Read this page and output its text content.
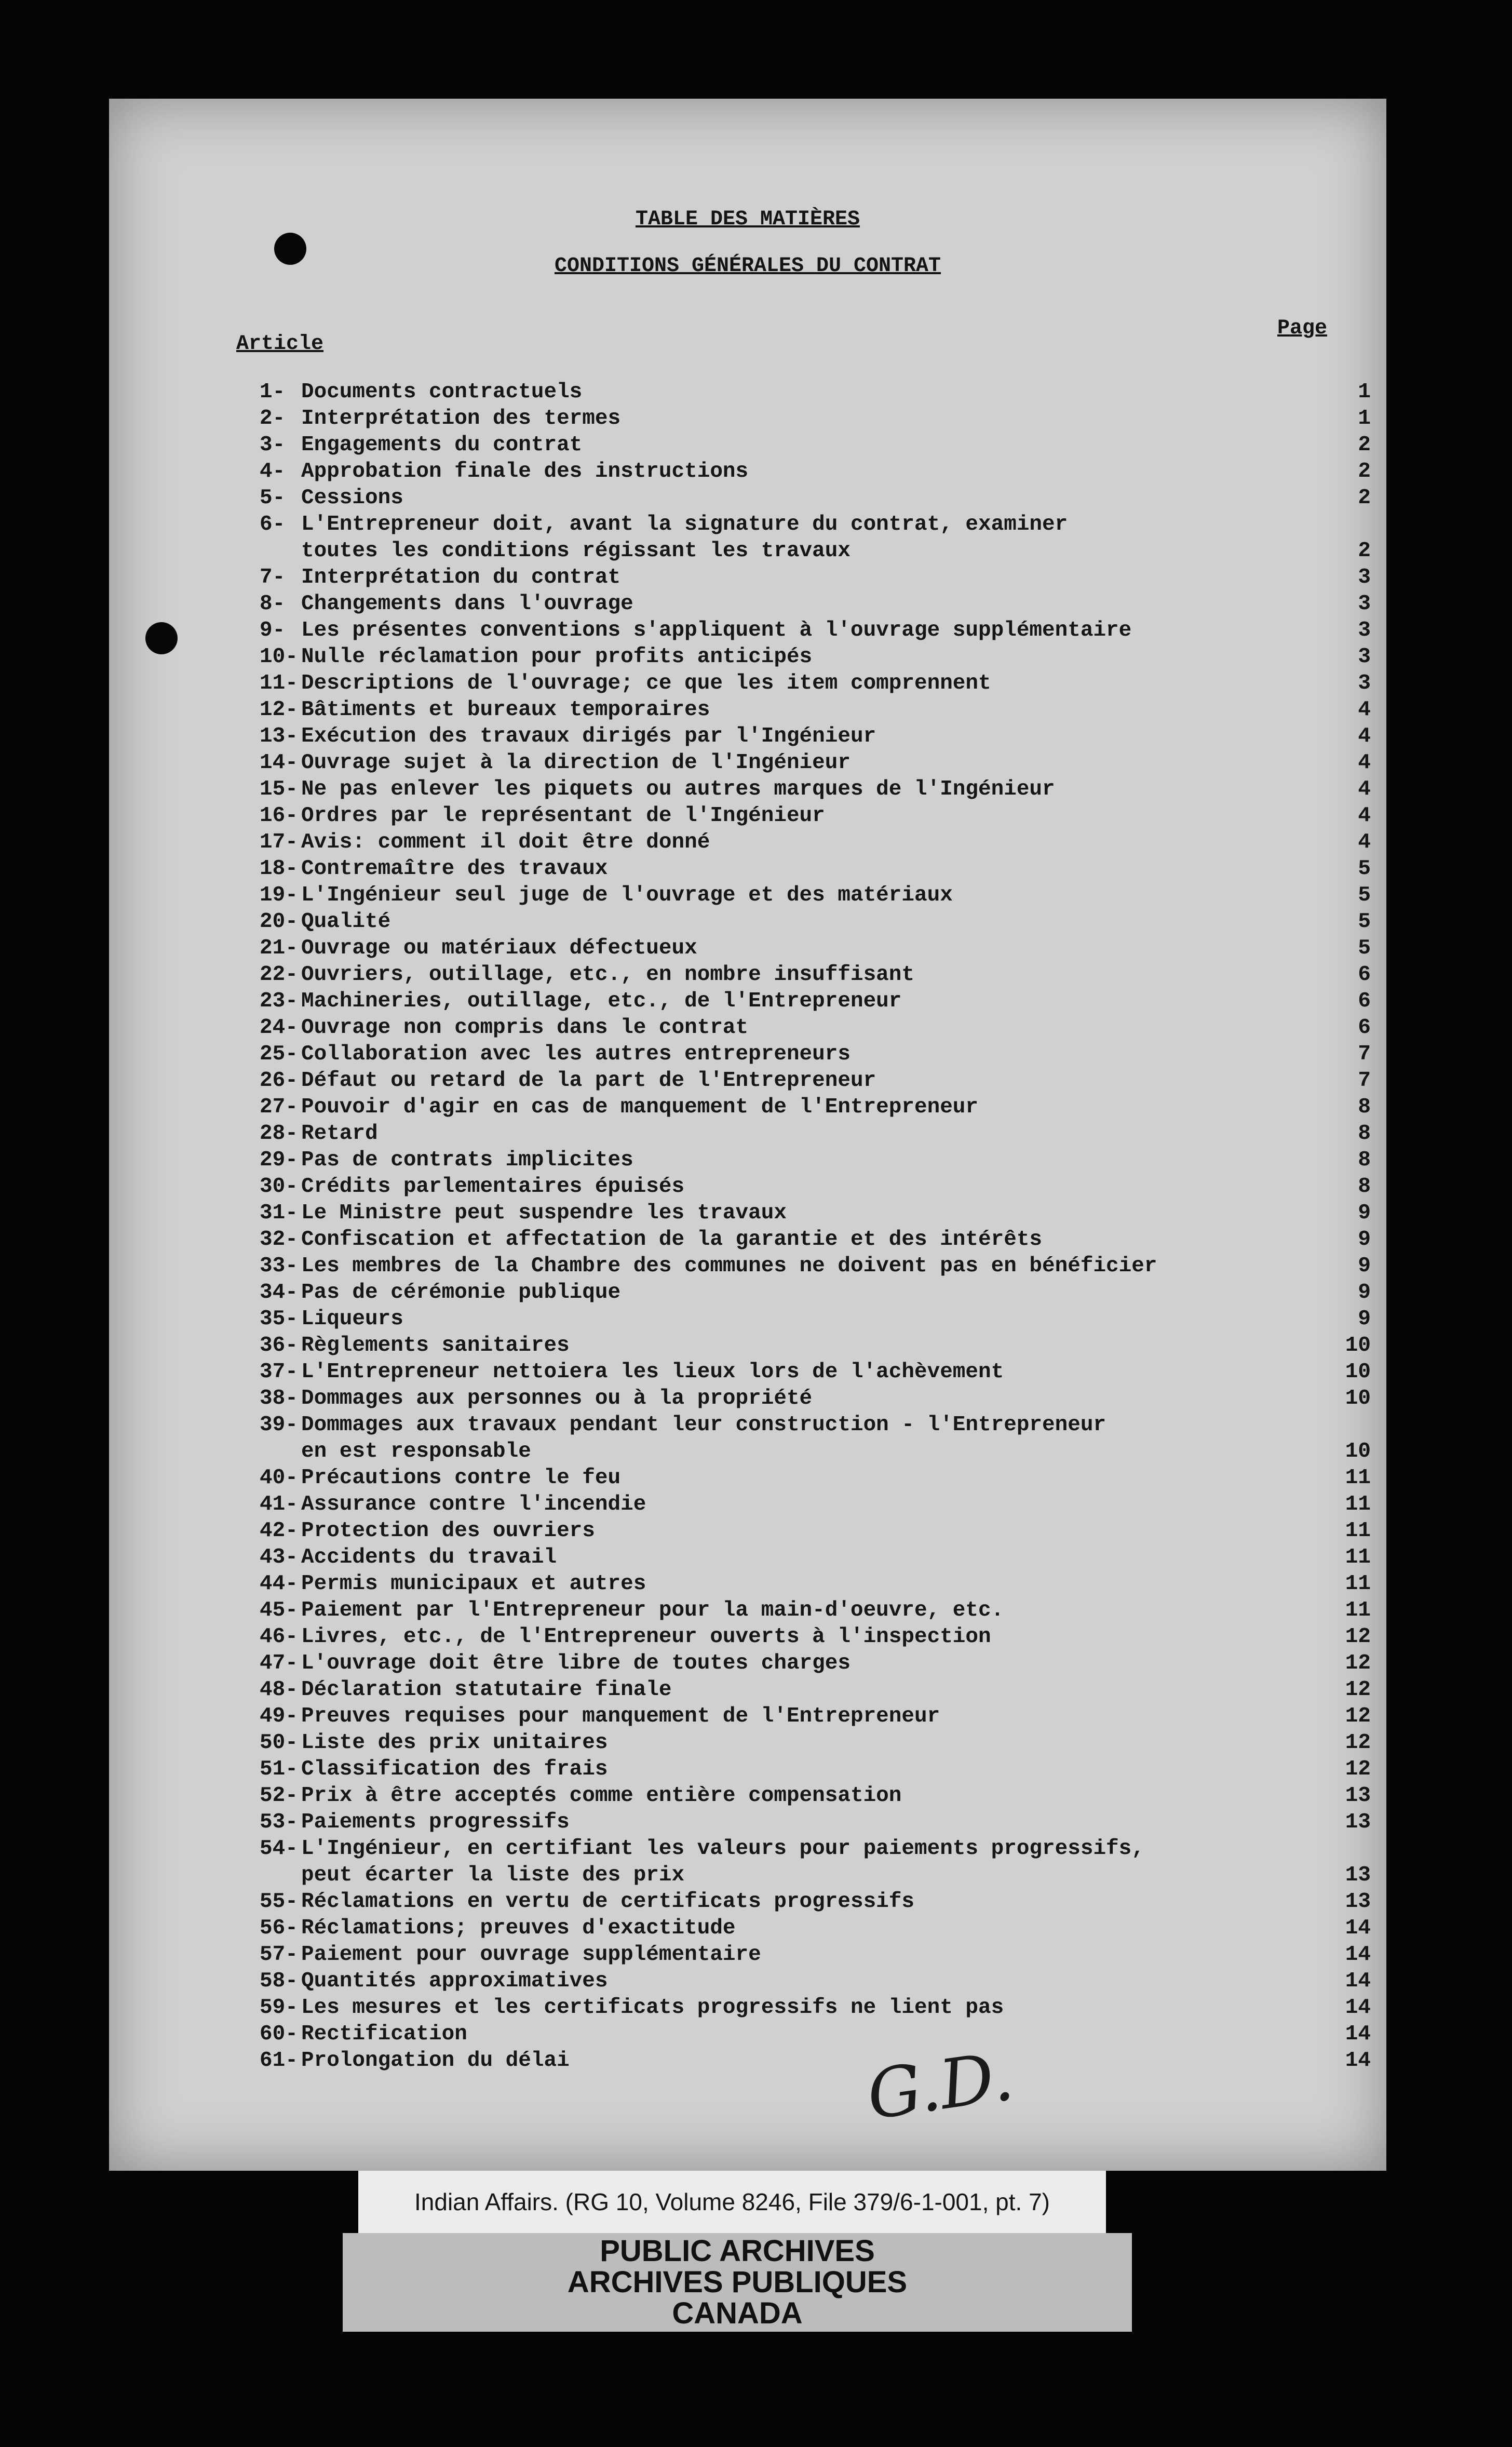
TABLE DES MATIÈRES
CONDITIONS GÉNÉRALES DU CONTRAT
Article
Page
1- Documents contractuels	1
2- Interprétation des termes	1
3- Engagements du contrat	2
4- Approbation finale des instructions	2
5- Cessions	2
6- L'Entrepreneur doit, avant la signature du contrat, examiner
toutes les conditions régissant les travaux	2
7- Interprétation du contrat	3
8- Changements dans l'ouvrage	3
9- Les présentes conventions s'appliquent à l'ouvrage supplémentaire	3
10- Nulle réclamation pour profits anticipés	3
11- Descriptions de l'ouvrage; ce que les item comprennent	3
12- Bâtiments et bureaux temporaires	4
13- Exécution des travaux dirigés par l'Ingénieur	4
14- Ouvrage sujet à la direction de l'Ingénieur	4
15- Ne pas enlever les piquets ou autres marques de l'Ingénieur	4
16- Ordres par le représentant de l'Ingénieur	4
17- Avis: comment il doit être donné	4
18- Contremaître des travaux	5
19- L'Ingénieur seul juge de l'ouvrage et des matériaux	5
20- Qualité	5
21- Ouvrage ou matériaux défectueux	5
22- Ouvriers, outillage, etc., en nombre insuffisant	6
23- Machineries, outillage, etc., de l'Entrepreneur	6
24- Ouvrage non compris dans le contrat	6
25- Collaboration avec les autres entrepreneurs	7
26- Défaut ou retard de la part de l'Entrepreneur	7
27- Pouvoir d'agir en cas de manquement de l'Entrepreneur	8
28- Retard	8
29- Pas de contrats implicites	8
30- Crédits parlementaires épuisés	8
31- Le Ministre peut suspendre les travaux	9
32- Confiscation et affectation de la garantie et des intérêts	9
33- Les membres de la Chambre des communes ne doivent pas en bénéficier	9
34- Pas de cérémonie publique	9
35- Liqueurs	9
36- Règlements sanitaires	10
37- L'Entrepreneur nettoiera les lieux lors de l'achèvement	10
38- Dommages aux personnes ou à la propriété	10
39- Dommages aux travaux pendant leur construction - l'Entrepreneur
en est responsable	10
40- Précautions contre le feu	11
41- Assurance contre l'incendie	11
42- Protection des ouvriers	11
43- Accidents du travail	11
44- Permis municipaux et autres	11
45- Paiement par l'Entrepreneur pour la main-d'oeuvre, etc.	11
46- Livres, etc., de l'Entrepreneur ouverts à l'inspection	12
47- L'ouvrage doit être libre de toutes charges	12
48- Déclaration statutaire finale	12
49- Preuves requises pour manquement de l'Entrepreneur	12
50- Liste des prix unitaires	12
51- Classification des frais	12
52- Prix à être acceptés comme entière compensation	13
53- Paiements progressifs	13
54- L'Ingénieur, en certifiant les valeurs pour paiements progressifs,
peut écarter la liste des prix	13
55- Réclamations en vertu de certificats progressifs	13
56- Réclamations; preuves d'exactitude	14
57- Paiement pour ouvrage supplémentaire	14
58- Quantités approximatives	14
59- Les mesures et les certificats progressifs ne lient pas	14
60- Rectification	14
61- Prolongation du délai	14
G.D.
Indian Affairs. (RG 10, Volume 8246, File 379/6-1-001, pt. 7)
PUBLIC ARCHIVES
ARCHIVES PUBLIQUES
CANADA
